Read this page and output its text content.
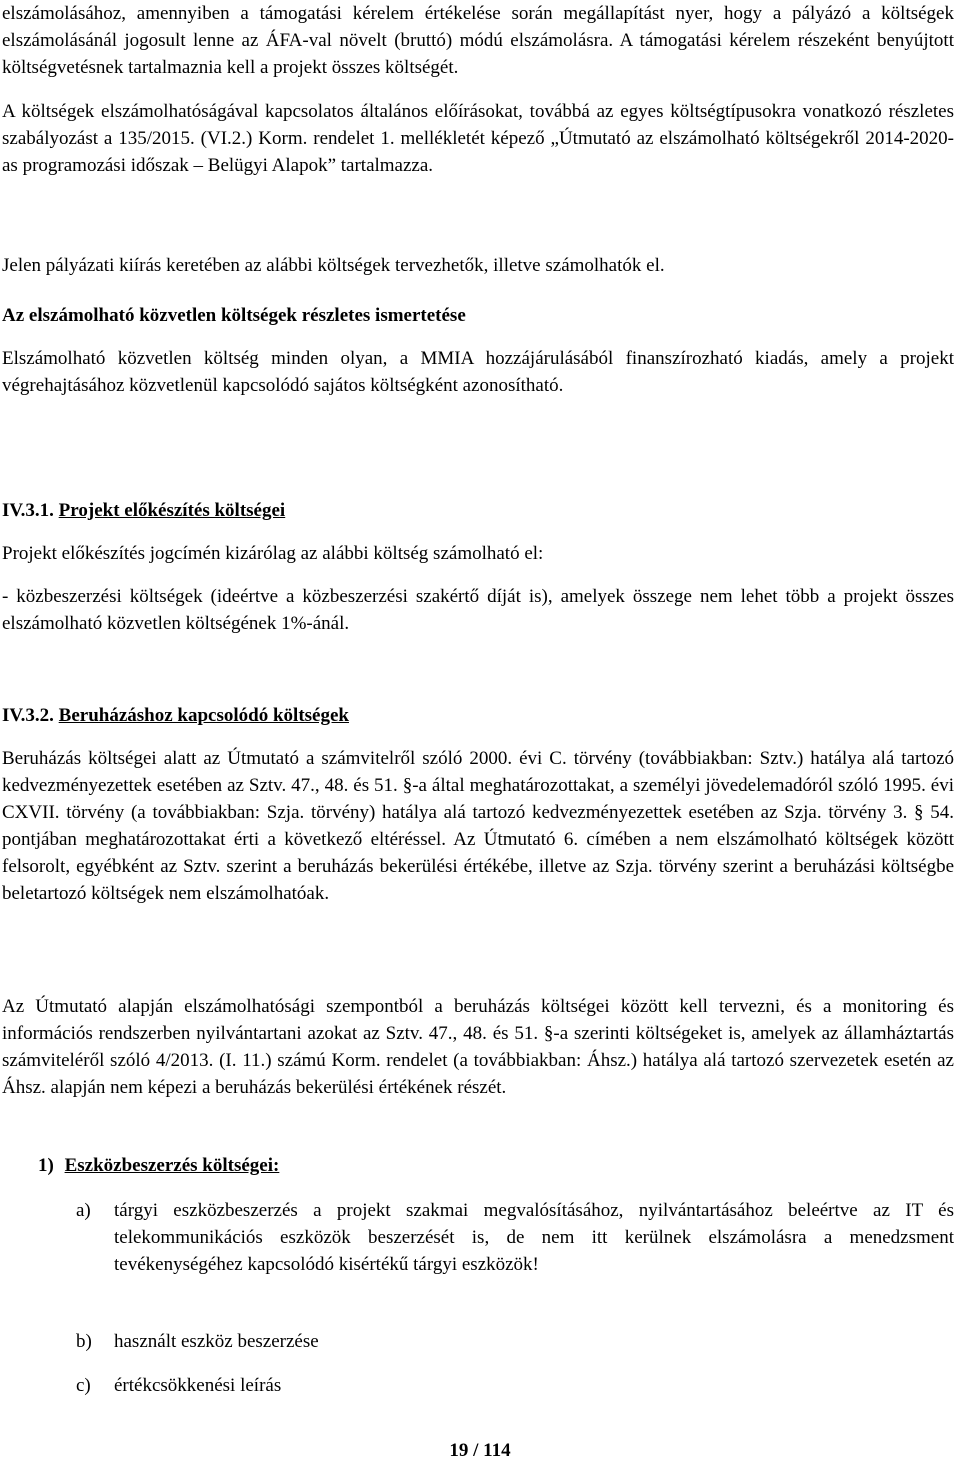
elszámolásához, amennyiben a támogatási kérelem értékelése során megállapítást nyer, hogy a pályázó a költségek elszámolásánál jogosult lenne az ÁFA-val növelt (bruttó) módú elszámolásra. A támogatási kérelem részeként benyújtott költségvetésnek tartalmaznia kell a projekt összes költségét.

A költségek elszámolhatóságával kapcsolatos általános előírásokat, továbbá az egyes költségtípusokra vonatkozó részletes szabályozást a 135/2015. (VI.2.) Korm. rendelet 1. mellékletét képező „Útmutató az elszámolható költségekről 2014-2020-as programozási időszak – Belügyi Alapok” tartalmazza.

Jelen pályázati kiírás keretében az alábbi költségek tervezhetők, illetve számolhatók el.

Az elszámolható közvetlen költségek részletes ismertetése

Elszámolható közvetlen költség minden olyan, a MMIA hozzájárulásából finanszírozható kiadás, amely a projekt végrehajtásához közvetlenül kapcsolódó sajátos költségként azonosítható.

IV.3.1. Projekt előkészítés költségei

Projekt előkészítés jogcímén kizárólag az alábbi költség számolható el:

- közbeszerzési költségek (ideértve a közbeszerzési szakértő díját is), amelyek összege nem lehet több a projekt összes elszámolható közvetlen költségének 1%-ánál.

IV.3.2. Beruházáshoz kapcsolódó költségek

Beruházás költségei alatt az Útmutató a számvitelről szóló 2000. évi C. törvény (továbbiakban: Sztv.) hatálya alá tartozó kedvezményezettek esetében az Sztv. 47., 48. és 51. §-a által meghatározottakat, a személyi jövedelemadóról szóló 1995. évi CXVII. törvény (a továbbiakban: Szja. törvény) hatálya alá tartozó kedvezményezettek esetében az Szja. törvény 3. § 54. pontjában meghatározottakat érti a következő eltéréssel. Az Útmutató 6. címében a nem elszámolható költségek között felsorolt, egyébként az Sztv. szerint a beruházás bekerülési értékébe, illetve az Szja. törvény szerint a beruházási költségbe beletartozó költségek nem elszámolhatóak.

Az Útmutató alapján elszámolhatósági szempontból a beruházás költségei között kell tervezni, és a monitoring és információs rendszerben nyilvántartani azokat az Sztv. 47., 48. és 51. §-a szerinti költségeket is, amelyek az államháztartás számviteléről szóló 4/2013. (I. 11.) számú Korm. rendelet (a továbbiakban: Áhsz.) hatálya alá tartozó szervezetek esetén az Áhsz. alapján nem képezi a beruházás bekerülési értékének részét.

1) Eszközbeszerzés költségei:

a)	tárgyi eszközbeszerzés a projekt szakmai megvalósításához, nyilvántartásához beleértve az IT és telekommunikációs eszközök beszerzését is, de nem itt kerülnek elszámolásra a menedzsment tevékenységéhez kapcsolódó kisértékű tárgyi eszközök!
b)	használt eszköz beszerzése
c)	értékcsökkenési leírás
19 / 114
